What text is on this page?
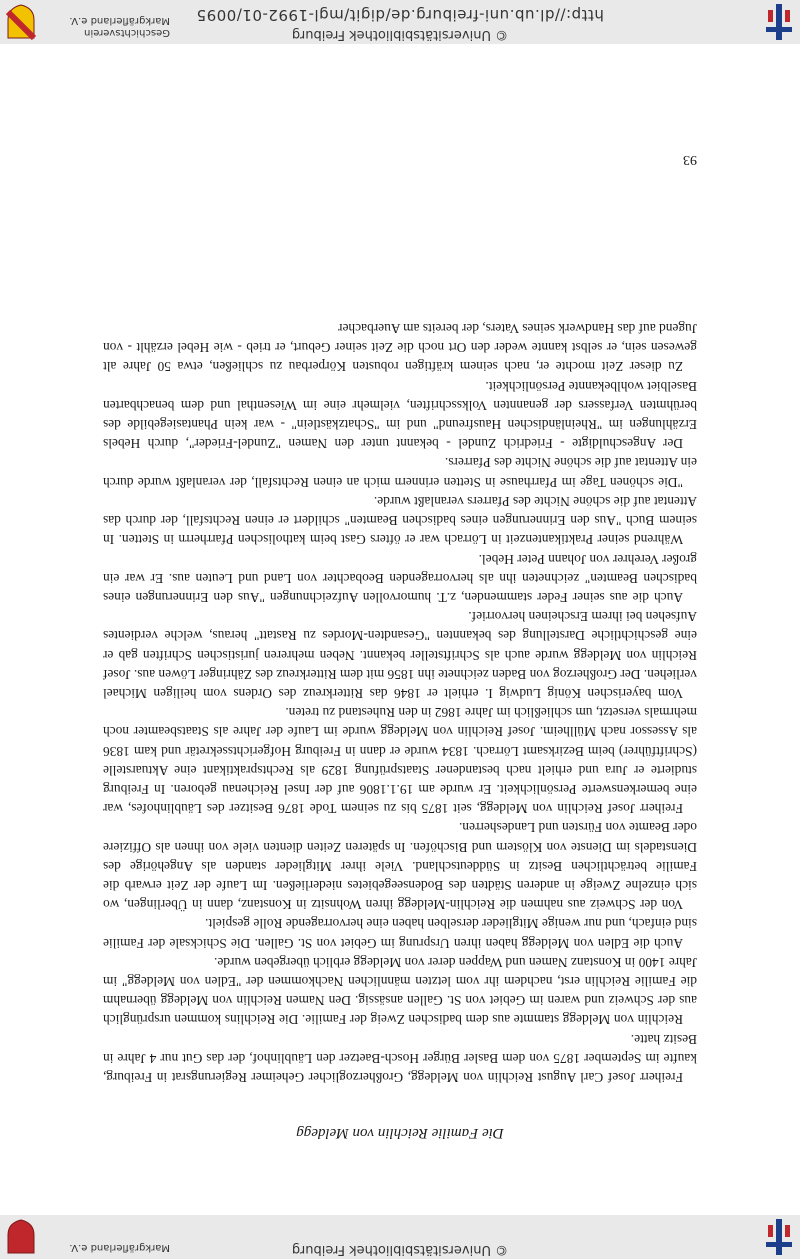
© Universitätsbibliothek Freiburg
Markgräflerland e.V.
Die Familie Reichlin von Meldegg

Freiherr Josef Carl August Reichlin von Meldegg, Großherzoglicher Geheimer Regierungsrat in Freiburg, kaufte im September 1875 von dem Basler Bürger Hosch-Baetzer den Läublinhof, der das Gut nur 4 Jahre in Besitz hatte.

Reichlin von Meldegg stammte aus dem badischen Zweig der Familie. Die Reichlins kommen ursprünglich aus der Schweiz und waren im Gebiet von St. Gallen ansässig. Den Namen Reichlin von Meldegg übernahm die Familie Reichlin erst, nachdem ihr vom letzten männlichen Nachkommen der "Edlen von Meldegg" im Jahre 1400 in Konstanz Namen und Wappen derer von Meldegg erblich übergeben wurde.

Auch die Edlen von Meldegg haben ihren Ursprung im Gebiet von St. Gallen. Die Schicksale der Familie sind einfach, und nur wenige Mitglieder derselben haben eine hervorragende Rolle gespielt.

Von der Schweiz aus nahmen die Reichlin-Meldegg ihren Wohnsitz in Konstanz, dann in Überlingen, wo sich einzelne Zweige in anderen Städten des Bodenseegebietes niederließen. Im Laufe der Zeit erwarb die Familie beträchtlichen Besitz in Süddeutschland. Viele ihrer Mitglieder standen als Angehörige des Dienstadels im Dienste von Klöstern und Bischöfen. In späteren Zeiten dienten viele von ihnen als Offiziere oder Beamte von Fürsten und Landesherren.

Freiherr Josef Reichlin von Meldegg, seit 1875 bis zu seinem Tode 1876 Besitzer des Läublinhofes, war eine bemerkenswerte Persönlichkeit. Er wurde am 19.1.1806 auf der Insel Reichenau geboren. In Freiburg studierte er Jura und erhielt nach bestandener Staatsprüfung 1829 als Rechtspraktikant eine Aktuarstelle (Schriftführer) beim Bezirksamt Lörrach. 1834 wurde er dann in Freiburg Hofgerichtssekretär und kam 1836 als Assessor nach Müllheim. Josef Reichlin von Meldegg wurde im Laufe der Jahre als Staatsbeamter noch mehrmals versetzt, um schließlich im Jahre 1862 in den Ruhestand zu treten.

Vom bayerischen König Ludwig I. erhielt er 1846 das Ritterkreuz des Ordens vom heiligen Michael verliehen. Der Großherzog von Baden zeichnete ihn 1856 mit dem Ritterkreuz des Zähringer Löwen aus. Josef Reichlin von Meldegg wurde auch als Schriftsteller bekannt. Neben mehreren juristischen Schriften gab er eine geschichtliche Darstellung des bekannten "Gesandten-Mordes zu Rastatt" heraus, welche verdientes Aufsehen bei ihrem Erscheinen hervorrief.

Auch die aus seiner Feder stammenden, z.T. humorvollen Aufzeichnungen "Aus den Erinnerungen eines badischen Beamten" zeichneten ihn als hervorragenden Beobachter von Land und Leuten aus. Er war ein großer Verehrer von Johann Peter Hebel.

Während seiner Praktikantenzeit in Lörrach war er öfters Gast beim katholischen Pfarrherrn in Stetten. In seinem Buch "Aus den Erinnerungen eines badischen Beamten" schildert er einen Rechtsfall, der durch das Attentat auf die schöne Nichte des Pfarrers veranlaßt wurde.

"Die schönen Tage im Pfarrhause in Stetten erinnern mich an einen Rechtsfall, der veranlaßt wurde durch ein Attentat auf die schöne Nichte des Pfarrers.

Der Angeschuldigte - Friedrich Zundel - bekannt unter den Namen "Zundel-Frieder", durch Hebels Erzählungen im "Rheinländischen Hausfreund" und im "Schatzkästlein" - war kein Phantasiegebilde des berühmten Verfassers der genannten Volksschriften, vielmehr eine im Wiesenthal und dem benachbarten Baselbiet wohlbekannte Persönlichkeit.

Zu dieser Zeit mochte er, nach seinem kräftigen robusten Körperbau zu schließen, etwa 50 Jahre alt gewesen sein, er selbst kannte weder den Ort noch die Zeit seiner Geburt, er trieb - wie Hebel erzählt - von Jugend auf das Handwerk seines Vaters, der bereits am Auerbacher

93
© Universitätsbibliothek Freiburg
http://dl.ub.uni-freiburg.de/digit/mgl-1992-01/0095
Geschichtsverein Markgräflerland e.V.
